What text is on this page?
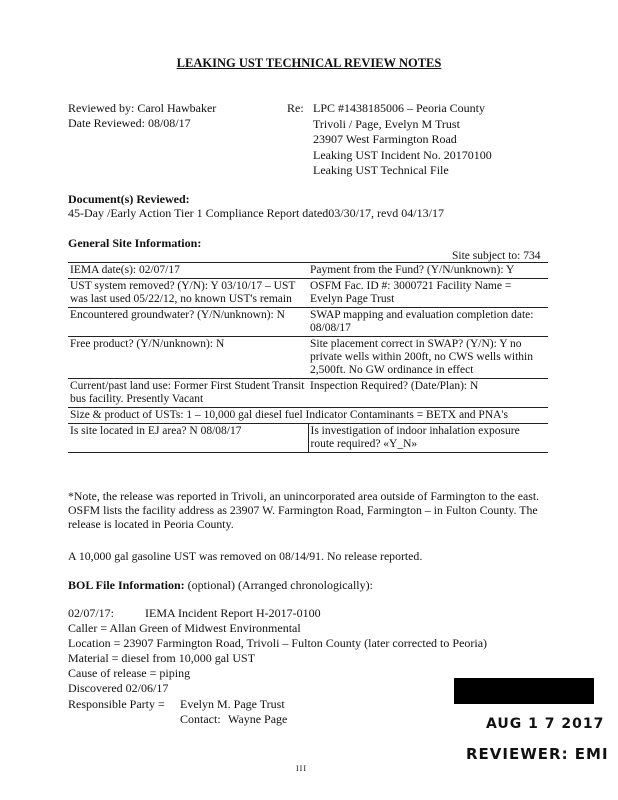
LEAKING UST TECHNICAL REVIEW NOTES
Reviewed by: Carol Hawbaker
Date Reviewed: 08/08/17
Re: LPC #1438185006 – Peoria County
Trivoli / Page, Evelyn M Trust
23907 West Farmington Road
Leaking UST Incident No. 20170100
Leaking UST Technical File
Document(s) Reviewed:
45-Day /Early Action Tier 1 Compliance Report dated03/30/17, revd 04/13/17
General Site Information:
Site subject to: 734
IEMA date(s): 02/07/17	Payment from the Fund? (Y/N/unknown): Y
UST system removed? (Y/N): Y 03/10/17 – UST was last used 05/22/12, no known UST's remain	OSFM Fac. ID #: 3000721 Facility Name = Evelyn Page Trust
Encountered groundwater? (Y/N/unknown): N	SWAP mapping and evaluation completion date: 08/08/17
Free product? (Y/N/unknown): N	Site placement correct in SWAP? (Y/N): Y no private wells within 200ft, no CWS wells within 2,500ft. No GW ordinance in effect
Current/past land use: Former First Student Transit bus facility. Presently Vacant	Inspection Required? (Date/Plan): N
Size & product of USTs: 1 – 10,000 gal diesel fuel Indicator Contaminants = BETX and PNA's	
Is site located in EJ area? N 08/08/17	Is investigation of indoor inhalation exposure route required? «Y_N»
*Note, the release was reported in Trivoli, an unincorporated area outside of Farmington to the east. OSFM lists the facility address as 23907 W. Farmington Road, Farmington – in Fulton County. The release is located in Peoria County.
A 10,000 gal gasoline UST was removed on 08/14/91. No release reported.
BOL File Information: (optional) (Arranged chronologically):
02/07/17:	IEMA Incident Report H-2017-0100
Caller = Allan Green of Midwest Environmental
Location = 23907 Farmington Road, Trivoli – Fulton County (later corrected to Peoria)
Material = diesel from 10,000 gal UST
Cause of release = piping
Discovered 02/06/17
Responsible Party = Evelyn M. Page Trust
Contact: Wayne Page	AUG 1 7 2017
REVIEWER: EMI
III
